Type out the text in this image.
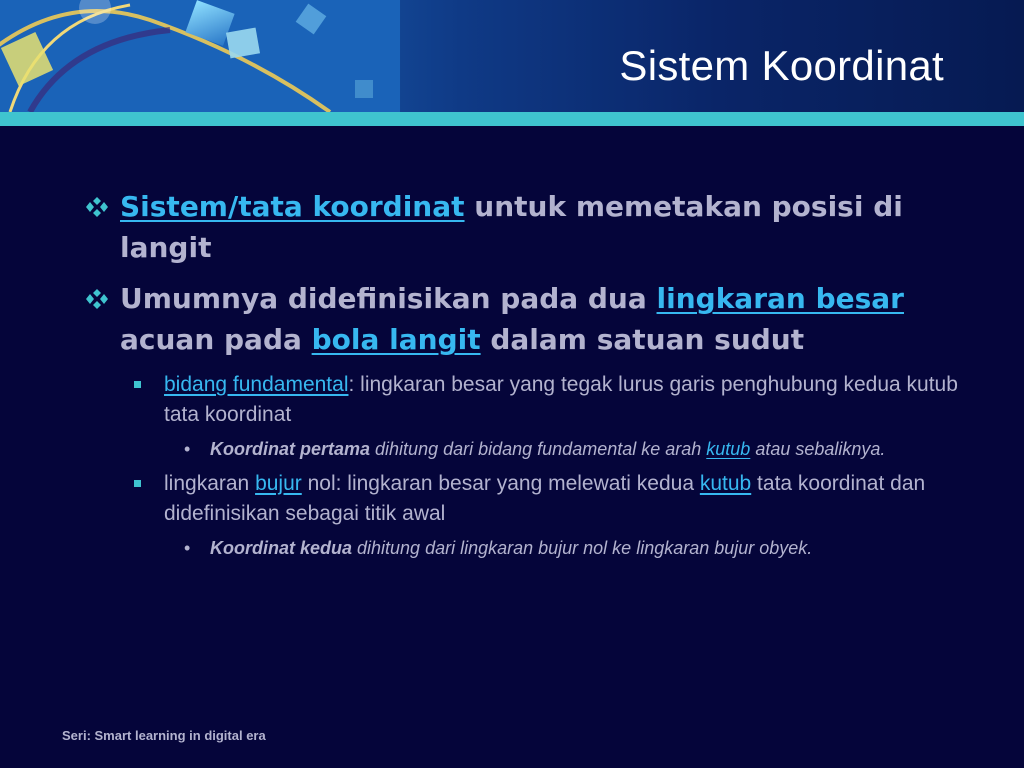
Sistem Koordinat
Sistem/tata koordinat untuk memetakan posisi di langit
Umumnya didefinisikan pada dua lingkaran besar acuan pada bola langit dalam satuan sudut
bidang fundamental: lingkaran besar yang tegak lurus garis penghubung kedua kutub tata koordinat
• Koordinat pertama dihitung dari bidang fundamental ke arah kutub atau sebaliknya.
lingkaran bujur nol: lingkaran besar yang melewati kedua kutub tata koordinat dan didefinisikan sebagai titik awal
• Koordinat kedua dihitung dari lingkaran bujur nol ke lingkaran bujur obyek.
Seri: Smart learning in digital era
